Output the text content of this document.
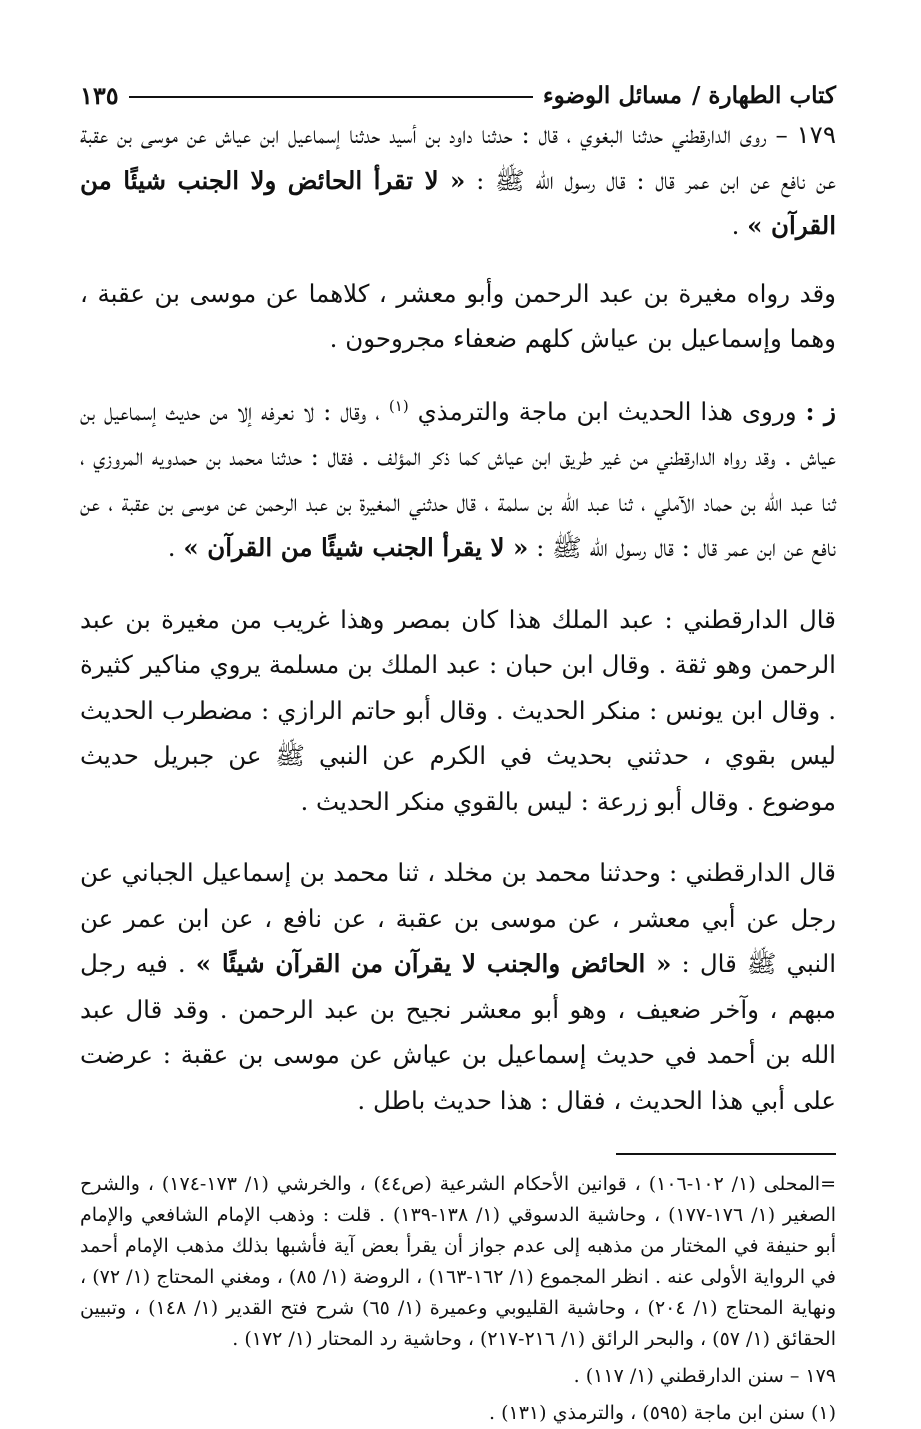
كتاب الطهارة /
مسائل الوضوء
١٣٥

١٧٩ – روى الدارقطني حدثنا البغوي ، قال : حدثنا داود بن أسيد حدثنا إسماعيل ابن عياش عن موسى بن عقبة عن نافع عن ابن عمر قال : قال رسول الله ﷺ : « لا تقرأ الحائض ولا الجنب شيئًا من القرآن » .

وقد رواه مغيرة بن عبد الرحمن وأبو معشر ، كلاهما عن موسى بن عقبة ، وهما وإسماعيل بن عياش كلهم ضعفاء مجروحون .

ز : وروى هذا الحديث ابن ماجة والترمذي $^{(١)}$ ، وقال : لا نعرفه إلا من حديث إسماعيل بن عياش . وقد رواه الدارقطني من غير طريق ابن عياش كما ذكر المؤلف . فقال : حدثنا محمد بن حمدويه المروزي ، ثنا عبد الله بن حماد الآملي ، ثنا عبد الله بن سلمة ، قال حدثني المغيرة بن عبد الرحمن عن موسى بن عقبة ، عن نافع عن ابن عمر قال : قال رسول الله ﷺ : « لا يقرأ الجنب شيئًا من القرآن » .

قال الدارقطني : عبد الملك هذا كان بمصر وهذا غريب من مغيرة بن عبد الرحمن وهو ثقة . وقال ابن حبان : عبد الملك بن مسلمة يروي مناكير كثيرة . وقال ابن يونس : منكر الحديث . وقال أبو حاتم الرازي : مضطرب الحديث ليس بقوي ، حدثني بحديث في الكرم عن النبي ﷺ عن جبريل حديث موضوع . وقال أبو زرعة : ليس بالقوي منكر الحديث .

قال الدارقطني : وحدثنا محمد بن مخلد ، ثنا محمد بن إسماعيل الجباني عن رجل عن أبي معشر ، عن موسى بن عقبة ، عن نافع ، عن ابن عمر عن النبي ﷺ قال : « الحائض والجنب لا يقرآن من القرآن شيئًا » . فيه رجل مبهم ، وآخر ضعيف ، وهو أبو معشر نجيح بن عبد الرحمن . وقد قال عبد الله بن أحمد في حديث إسماعيل بن عياش عن موسى بن عقبة : عرضت على أبي هذا الحديث ، فقال : هذا حديث باطل .

=المحلى (١/ ١٠٢-١٠٦) ، قوانين الأحكام الشرعية (ص٤٤) ، والخرشي (١/ ١٧٣-١٧٤) ، والشرح الصغير (١/ ١٧٦-١٧٧) ، وحاشية الدسوقي (١/ ١٣٨-١٣٩) . قلت : وذهب الإمام الشافعي والإمام أبو حنيفة في المختار من مذهبه إلى عدم جواز أن يقرأ بعض آية فأشبها بذلك مذهب الإمام أحمد في الرواية الأولى عنه . انظر المجموع (١/ ١٦٢-١٦٣) ، الروضة (١/ ٨٥) ، ومغني المحتاج (١/ ٧٢) ، ونهاية المحتاج (١/ ٢٠٤) ، وحاشية القليوبي وعميرة (١/ ٦٥) شرح فتح القدير (١/ ١٤٨) ، وتبيين الحقائق (١/ ٥٧) ، والبحر الرائق (١/ ٢١٦-٢١٧) ، وحاشية رد المحتار (١/ ١٧٢) .

١٧٩ – سنن الدارقطني (١/ ١١٧) .

(١) سنن ابن ماجة (٥٩٥) ، والترمذي (١٣١) .
